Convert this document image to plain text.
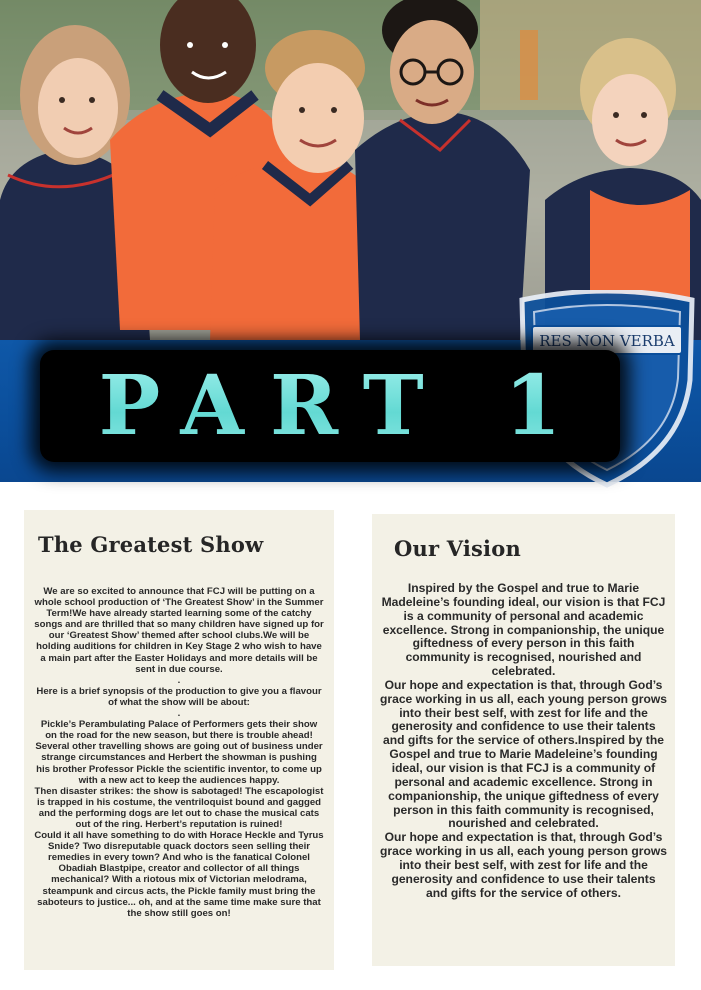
RES NON VERBA
PART 1
The Greatest Show

We are so excited to announce that FCJ will be putting on a whole school production of ‘The Greatest Show’ in the Summer Term!We have already started learning some of the catchy songs and are thrilled that so many children have signed up for our ‘Greatest Show’ themed after school clubs.We will be holding auditions for children in Key Stage 2 who wish to have a main part after the Easter Holidays and more details will be sent in due course.

.

Here is a brief synopsis of the production to give you a flavour of what the show will be about:

.

Pickle’s Perambulating Palace of Performers gets their show on the road for the new season, but there is trouble ahead! Several other travelling shows are going out of business under strange circumstances and Herbert the showman is pushing his brother Professor Pickle the scientific inventor, to come up with a new act to keep the audiences happy.

Then disaster strikes: the show is sabotaged! The escapologist is trapped in his costume, the ventriloquist bound and gagged and the performing dogs are let out to chase the musical cats out of the ring. Herbert’s reputation is ruined!

Could it all have something to do with Horace Heckle and Tyrus Snide? Two disreputable quack doctors seen selling their remedies in every town? And who is the fanatical Colonel Obadiah Blastpipe, creator and collector of all things mechanical? With a riotous mix of Victorian melodrama, steampunk and circus acts, the Pickle family must bring the saboteurs to justice... oh, and at the same time make sure that the show still goes on!

Our Vision

Inspired by the Gospel and true to Marie Madeleine’s founding ideal, our vision is that FCJ is a community of personal and academic excellence. Strong in companionship, the unique giftedness of every person in this faith community is recognised, nourished and celebrated.

Our hope and expectation is that, through God’s grace working in us all, each young person grows into their best self, with zest for life and the generosity and confidence to use their talents and gifts for the service of others.Inspired by the Gospel and true to Marie Madeleine’s founding ideal, our vision is that FCJ is a community of personal and academic excellence. Strong in companionship, the unique giftedness of every person in this faith community is recognised, nourished and celebrated.

Our hope and expectation is that, through God’s grace working in us all, each young person grows into their best self, with zest for life and the generosity and confidence to use their talents and gifts for the service of others.
